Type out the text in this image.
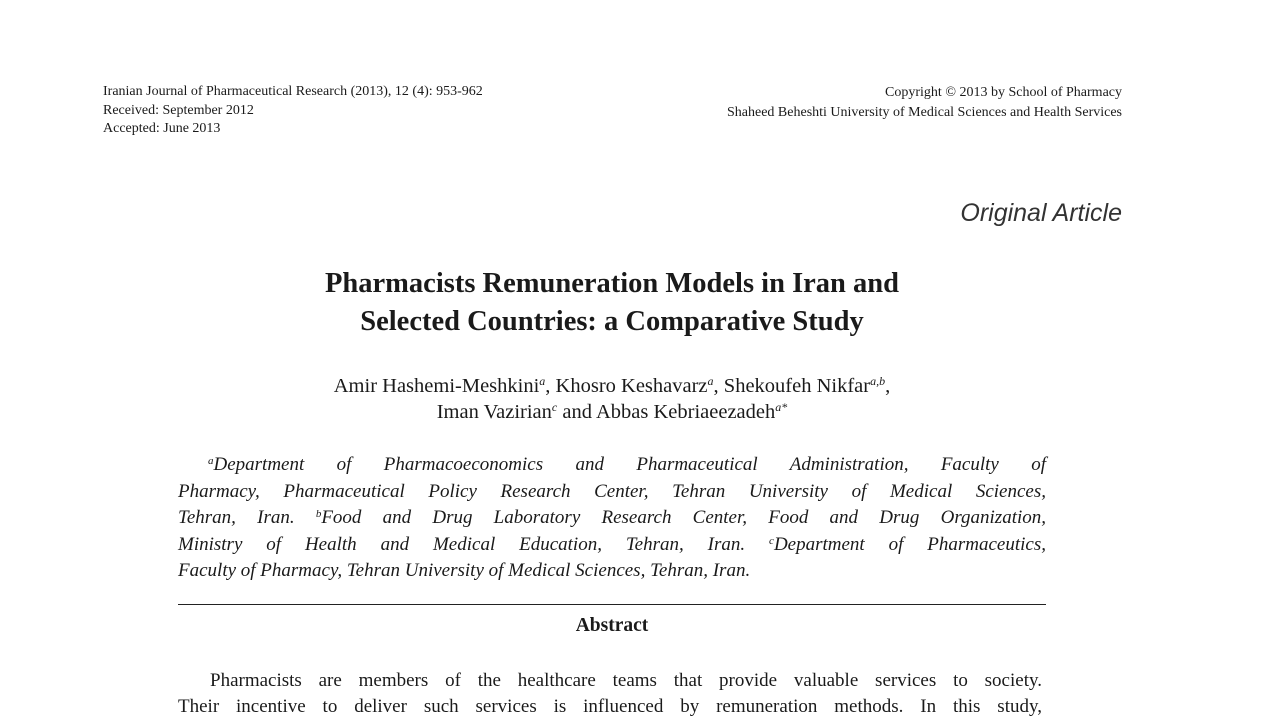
Iranian Journal of Pharmaceutical Research (2013), 12 (4): 953-962
Received: September 2012
Accepted: June 2013
Copyright © 2013 by School of Pharmacy
Shaheed Beheshti University of Medical Sciences and Health Services
Original Article
Pharmacists Remuneration Models in Iran and
Selected Countries: a Comparative Study
Amir Hashemi-Meshkini$^a$, Khosro Keshavarz$^a$, Shekoufeh Nikfar$^{a,b}$,
Iman Vazirian$^c$ and Abbas Kebriaeezadeh$^{a*}$
$^a$Department of Pharmacoeconomics and Pharmaceutical Administration, Faculty of
Pharmacy, Pharmaceutical Policy Research Center, Tehran University of Medical Sciences,
Tehran, Iran. $^b$Food and Drug Laboratory Research Center, Food and Drug Organization,
Ministry of Health and Medical Education, Tehran, Iran. $^c$Department of Pharmaceutics,
Faculty of Pharmacy, Tehran University of Medical Sciences, Tehran, Iran.
Abstract
Pharmacists are members of the healthcare teams that provide valuable services to society.
Their incentive to deliver such services is influenced by remuneration methods. In this study,
